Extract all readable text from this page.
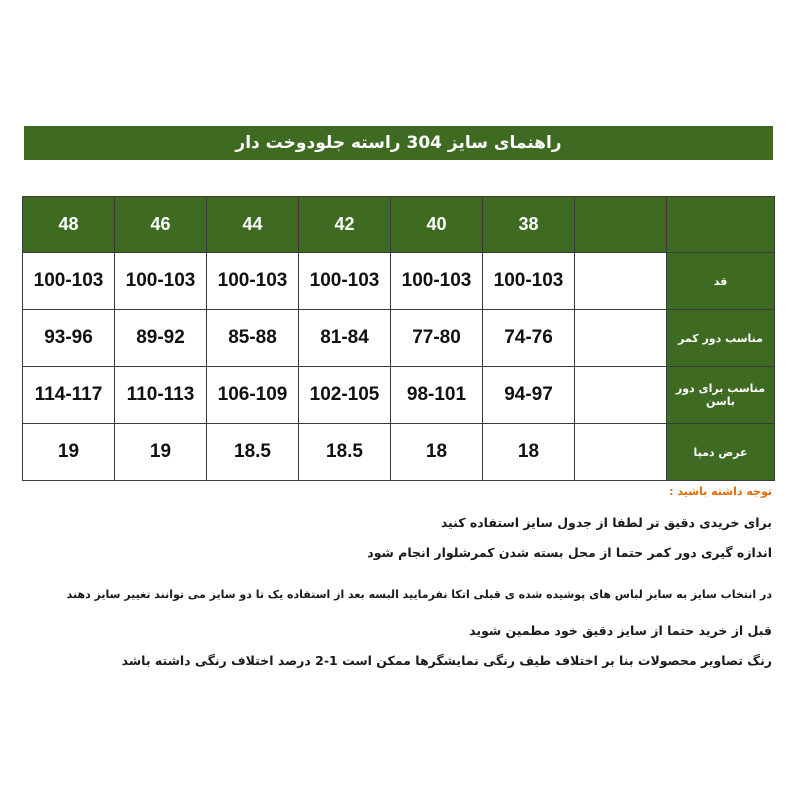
راهنمای سایز 304 راسته جلودوخت دار
48	46	44	42	40	38		
100-103	100-103	100-103	100-103	100-103	100-103		قد
93-96	89-92	85-88	81-84	77-80	74-76		مناسب دور کمر
114-117	110-113	106-109	102-105	98-101	94-97		مناسب برای دور باسن
19	19	18.5	18.5	18	18		عرض دمپا
توجه داشته باشید :

برای خریدی دقیق تر لطفا از جدول سایز استفاده کنید

اندازه گیری دور کمر حتما از محل بسته شدن کمرشلوار انجام شود

در انتخاب سایز به سایز لباس های پوشیده شده ی قبلی اتکا نفرمایید البسه بعد از استفاده یک تا دو سایز می توانند تغییر سایز دهند

قبل از خرید حتما از سایز دقیق خود مطمین شوید

رنگ تصاویر محصولات بنا بر اختلاف طیف رنگی نمایشگرها ممکن است 1-2 درصد اختلاف رنگی داشته باشد
